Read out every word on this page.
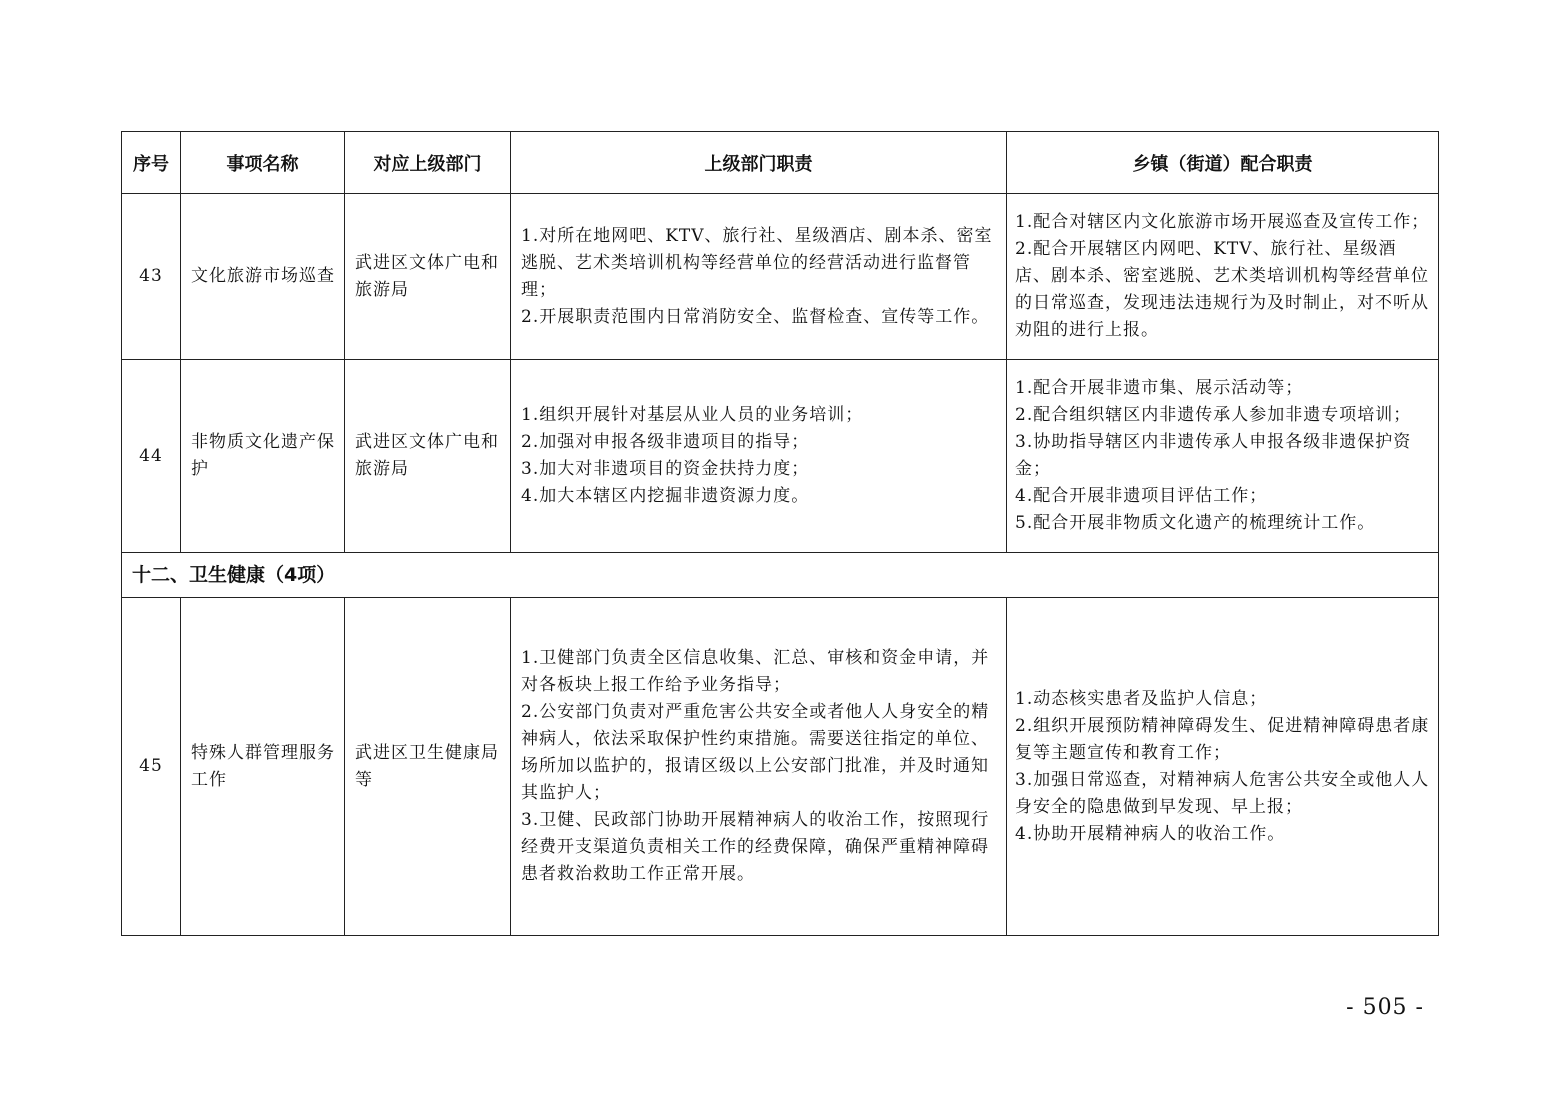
序号	事项名称	对应上级部门	上级部门职责	乡镇（街道）配合职责
43	文化旅游市场巡查	武进区文体广电和旅游局	1.对所在地网吧、KTV、旅行社、星级酒店、剧本杀、密室逃脱、艺术类培训机构等经营单位的经营活动进行监督管理；
2.开展职责范围内日常消防安全、监督检查、宣传等工作。	1.配合对辖区内文化旅游市场开展巡查及宣传工作；
2.配合开展辖区内网吧、KTV、旅行社、星级酒店、剧本杀、密室逃脱、艺术类培训机构等经营单位的日常巡查，发现违法违规行为及时制止，对不听从劝阻的进行上报。

44	非物质文化遗产保护	武进区文体广电和旅游局	1.组织开展针对基层从业人员的业务培训；
2.加强对申报各级非遗项目的指导；
3.加大对非遗项目的资金扶持力度；
4.加大本辖区内挖掘非遗资源力度。	1.配合开展非遗市集、展示活动等；
2.配合组织辖区内非遗传承人参加非遗专项培训；
3.协助指导辖区内非遗传承人申报各级非遗保护资金；
4.配合开展非遗项目评估工作；
5.配合开展非物质文化遗产的梳理统计工作。

十二、卫生健康（4项）				
45	特殊人群管理服务工作	武进区卫生健康局等	1.卫健部门负责全区信息收集、汇总、审核和资金申请，并对各板块上报工作给予业务指导；
2.公安部门负责对严重危害公共安全或者他人人身安全的精神病人，依法采取保护性约束措施。需要送往指定的单位、场所加以监护的，报请区级以上公安部门批准，并及时通知其监护人；
3.卫健、民政部门协助开展精神病人的收治工作，按照现行经费开支渠道负责相关工作的经费保障，确保严重精神障碍患者救治救助工作正常开展。	1.动态核实患者及监护人信息；
2.组织开展预防精神障碍发生、促进精神障碍患者康复等主题宣传和教育工作；
3.加强日常巡查，对精神病人危害公共安全或他人人身安全的隐患做到早发现、早上报；
4.协助开展精神病人的收治工作。
- 505 -
